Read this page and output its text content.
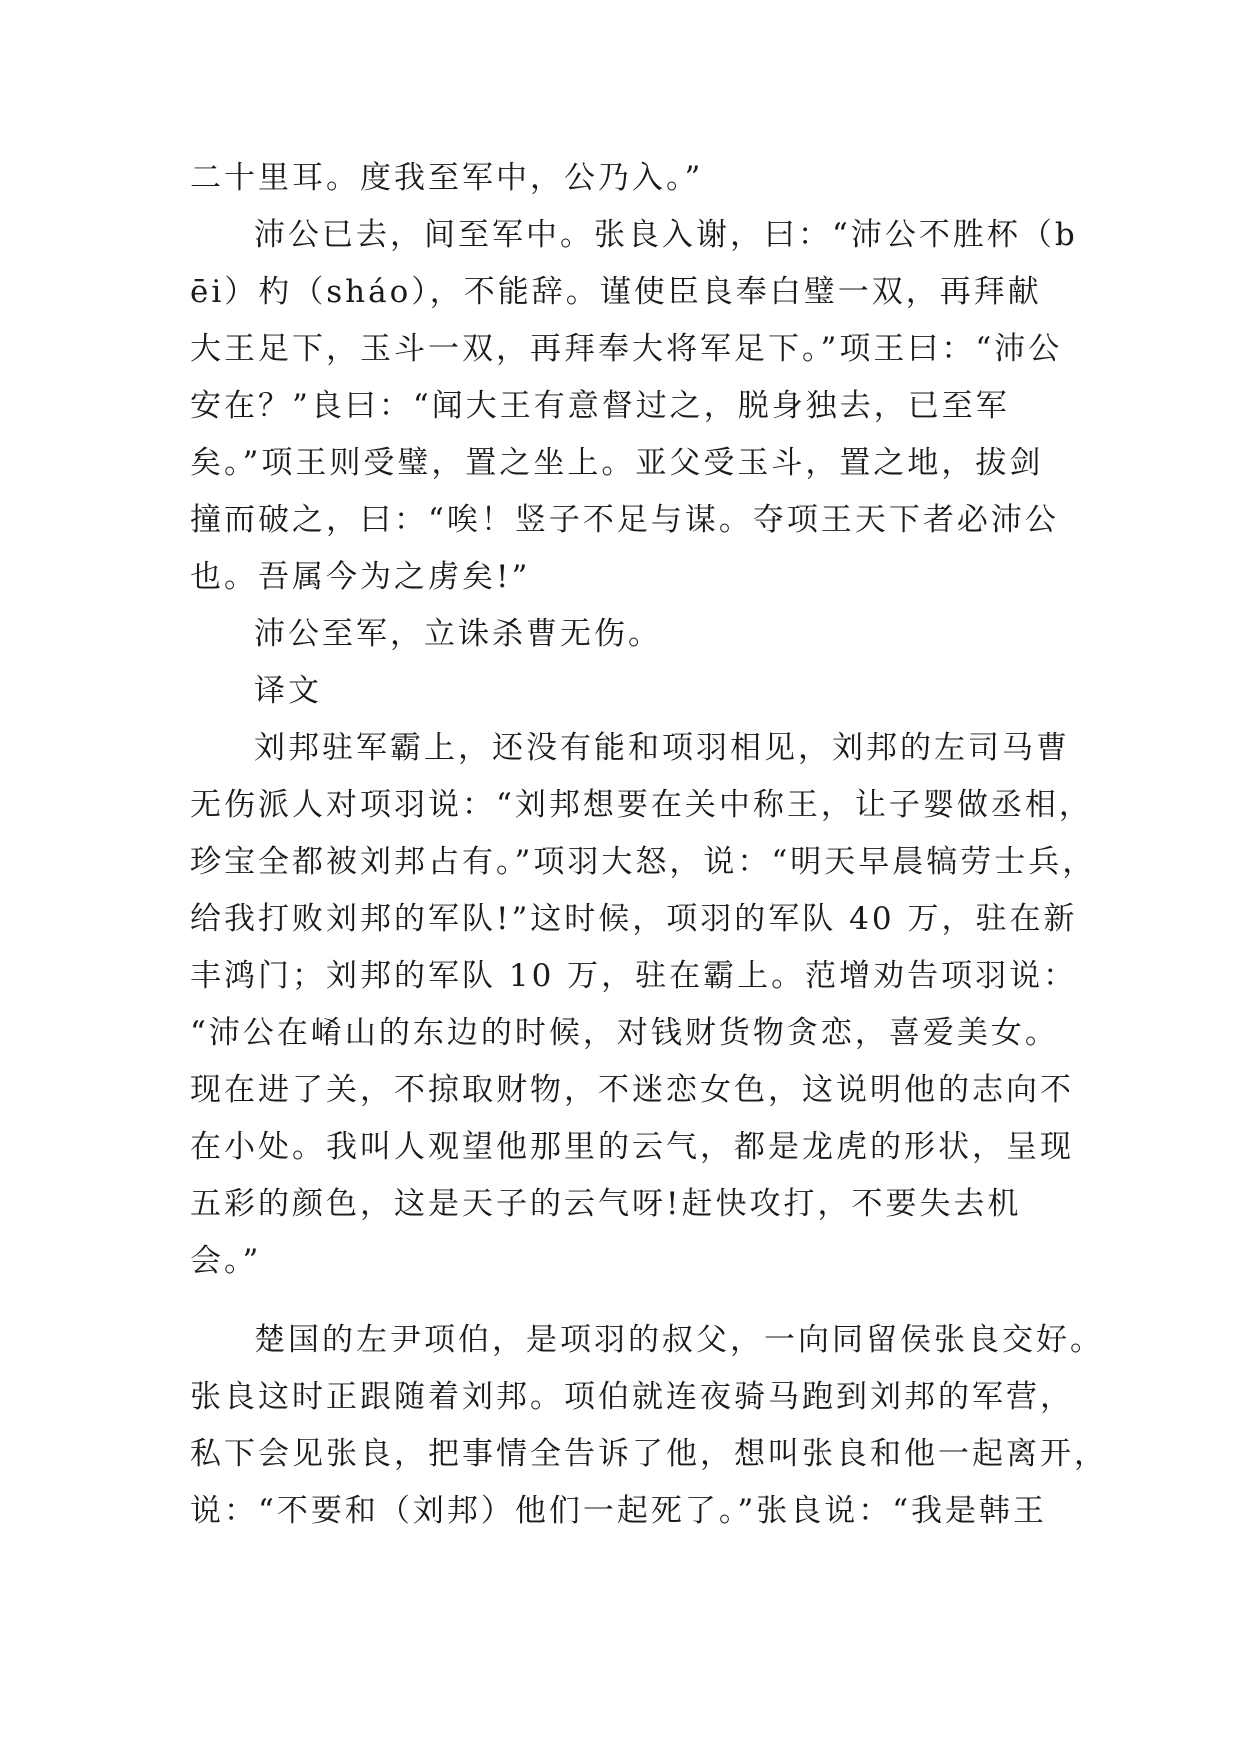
二十里耳。度我至军中，公乃入。”
沛公已去，间至军中。张良入谢，曰：“沛公不胜杯（b
ēi）杓（sháo），不能辞。谨使臣良奉白璧一双，再拜献
大王足下，玉斗一双，再拜奉大将军足下。”项王曰：“沛公
安在？”良曰：“闻大王有意督过之，脱身独去，已至军
矣。”项王则受璧，置之坐上。亚父受玉斗，置之地，拔剑
撞而破之，曰：“唉！竖子不足与谋。夺项王天下者必沛公
也。吾属今为之虏矣!”
沛公至军，立诛杀曹无伤。
译文
刘邦驻军霸上，还没有能和项羽相见，刘邦的左司马曹
无伤派人对项羽说：“刘邦想要在关中称王，让子婴做丞相，
珍宝全都被刘邦占有。”项羽大怒，说：“明天早晨犒劳士兵，
给我打败刘邦的军队!”这时候，项羽的军队 40 万，驻在新
丰鸿门；刘邦的军队 10 万，驻在霸上。范增劝告项羽说：
“沛公在崤山的东边的时候，对钱财货物贪恋，喜爱美女。
现在进了关，不掠取财物，不迷恋女色，这说明他的志向不
在小处。我叫人观望他那里的云气，都是龙虎的形状，呈现
五彩的颜色，这是天子的云气呀!赶快攻打，不要失去机
会。”
楚国的左尹项伯，是项羽的叔父，一向同留侯张良交好。
张良这时正跟随着刘邦。项伯就连夜骑马跑到刘邦的军营，
私下会见张良，把事情全告诉了他，想叫张良和他一起离开，
说：“不要和（刘邦）他们一起死了。”张良说：“我是韩王
